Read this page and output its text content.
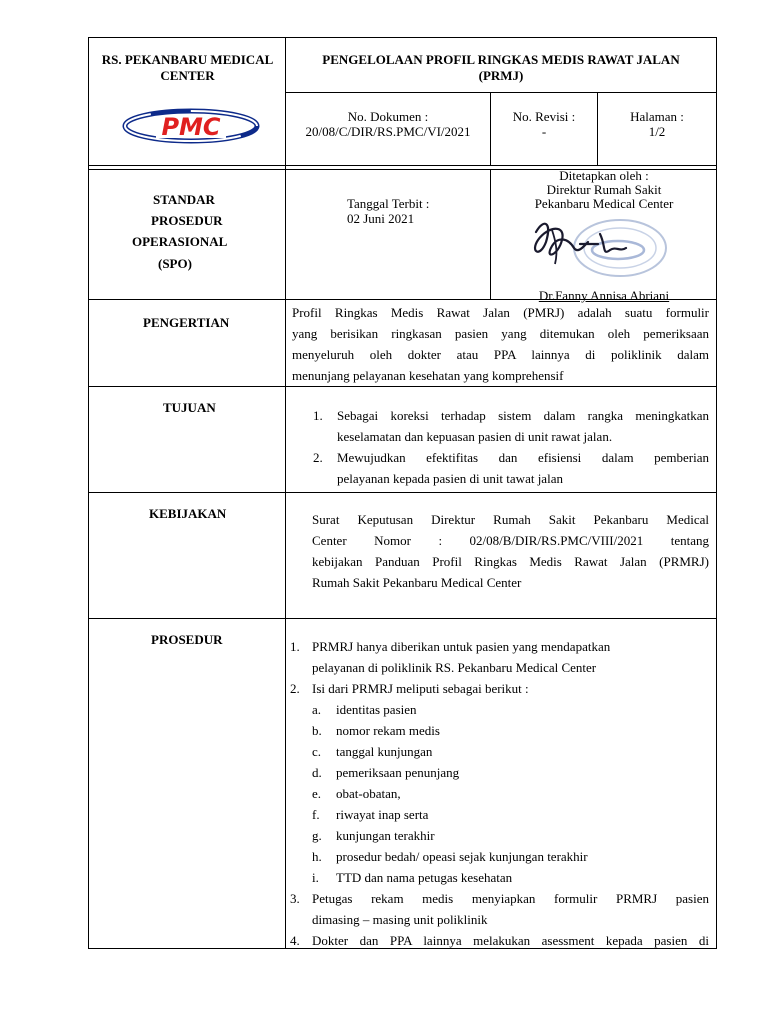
RS. PEKANBARU MEDICAL CENTER
PMC
PENGELOLAAN PROFIL RINGKAS MEDIS RAWAT JALAN (PRMJ)
No. Dokumen :
20/08/C/DIR/RS.PMC/VI/2021
No. Revisi :
-
Halaman :
1/2
STANDAR
PROSEDUR
OPERASIONAL
(SPO)
Tanggal Terbit :
02 Juni 2021
Ditetapkan oleh :
Direktur Rumah Sakit
Pekanbaru Medical Center
Dr.Fanny Annisa Abriani
PENGERTIAN
Profil Ringkas Medis Rawat Jalan (PMRJ) adalah suatu formulir
yang berisikan ringkasan pasien yang ditemukan oleh pemeriksaan
menyeluruh oleh dokter atau PPA lainnya di poliklinik dalam
menunjang pelayanan kesehatan yang komprehensif
TUJUAN
1. Sebagai koreksi terhadap sistem dalam rangka meningkatkan
keselamatan dan kepuasan pasien di unit rawat jalan.
2. Mewujudkan efektifitas dan efisiensi dalam pemberian
pelayanan kepada pasien di unit tawat jalan
KEBIJAKAN	Surat Keputusan Direktur Rumah Sakit Pekanbaru Medical
Center Nomor : 02/08/B/DIR/RS.PMC/VIII/2021 tentang
kebijakan Panduan Profil Ringkas Medis Rawat Jalan (PRMRJ)
Rumah Sakit Pekanbaru Medical Center
PROSEDUR	1. PRMRJ hanya diberikan untuk pasien yang mendapatkan
pelayanan di poliklinik RS. Pekanbaru Medical Center
2. Isi dari PRMRJ meliputi sebagai berikut :
a. identitas pasien
b. nomor rekam medis
c. tanggal kunjungan
d. pemeriksaan penunjang
e. obat-obatan,
f. riwayat inap serta
g. kunjungan terakhir
h. prosedur bedah/ opeasi sejak kunjungan terakhir
i. TTD dan nama petugas kesehatan
3. Petugas rekam medis menyiapkan formulir PRMRJ pasien
dimasing – masing unit poliklinik
4. Dokter dan PPA lainnya melakukan asessment kepada pasien di
